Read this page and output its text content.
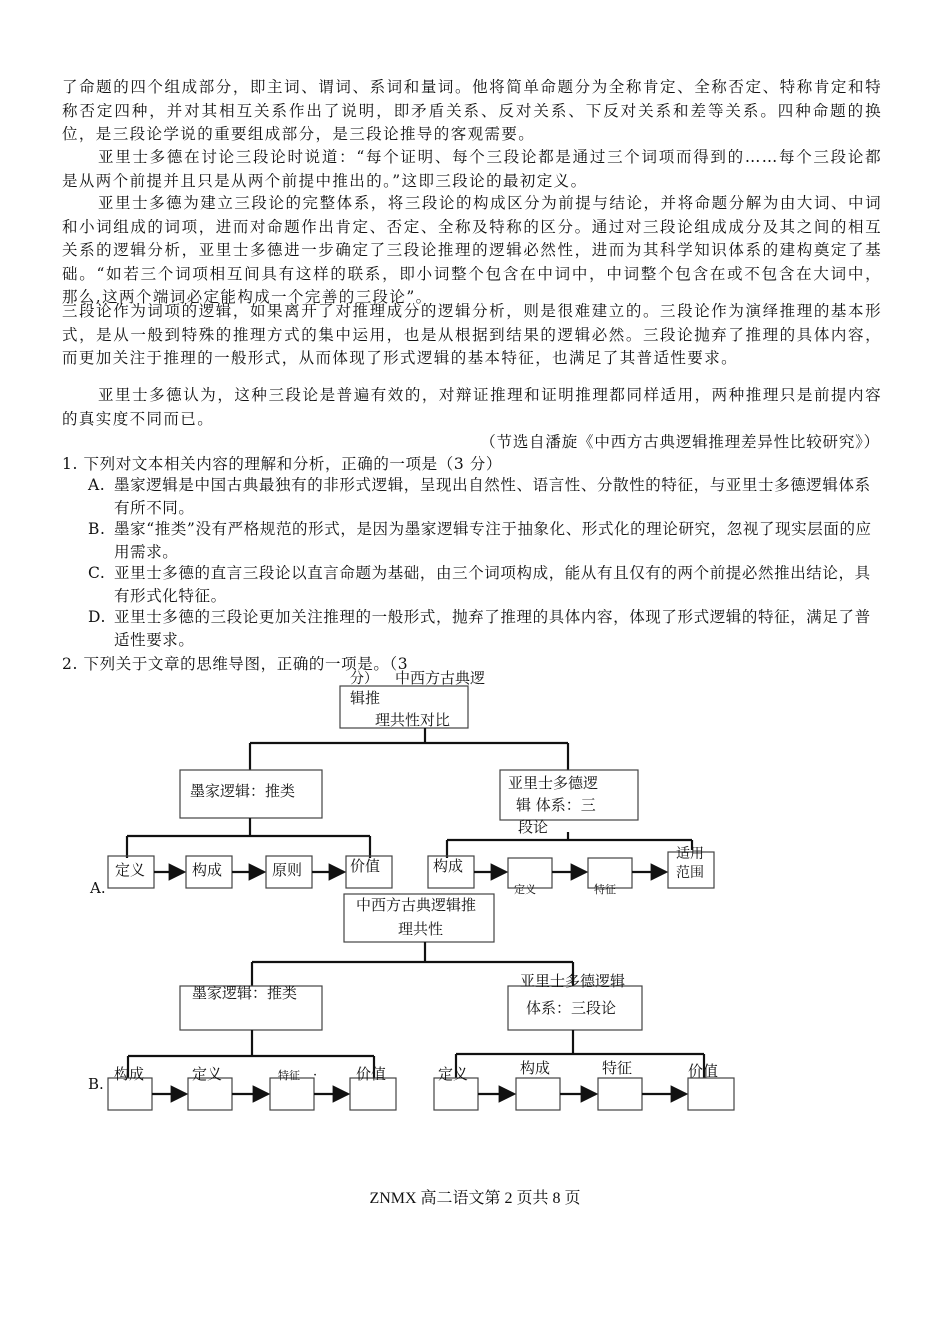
了命题的四个组成部分，即主词、谓词、系词和量词。他将简单命题分为全称肯定、全称否定、特称肯定和特称否定四种，并对其相互关系作出了说明，即矛盾关系、反对关系、下反对关系和差等关系。四种命题的换位，是三段论学说的重要组成部分，是三段论推导的客观需要。
亚里士多德在讨论三段论时说道：“每个证明、每个三段论都是通过三个词项而得到的……每个三段论都是从两个前提并且只是从两个前提中推出的。”这即三段论的最初定义。
亚里士多德为建立三段论的完整体系，将三段论的构成区分为前提与结论，并将命题分解为由大词、中词和小词组成的词项，进而对命题作出肯定、否定、全称及特称的区分。通过对三段论组成成分及其之间的相互关系的逻辑分析，亚里士多德进一步确定了三段论推理的逻辑必然性，进而为其科学知识体系的建构奠定了基础。“如若三个词项相互间具有这样的联系，即小词整个包含在中词中，中词整个包含在或不包含在大词中，那么,这两个端词必定能构成一个完善的三段论”。
三段论作为词项的逻辑，如果离开了对推理成分的逻辑分析，则是很难建立的。三段论作为演绎推理的基本形式，是从一般到特殊的推理方式的集中运用，也是从根据到结果的逻辑必然。三段论抛弃了推理的具体内容，而更加关注于推理的一般形式，从而体现了形式逻辑的基本特征，也满足了其普适性要求。
亚里士多德认为，这种三段论是普遍有效的，对辩证推理和证明推理都同样适用，两种推理只是前提内容的真实度不同而已。
（节选自潘旋《中西方古典逻辑推理差异性比较研究》）
1. 下列对文本相关内容的理解和分析，正确的一项是（3 分）
A. 墨家逻辑是中国古典最独有的非形式逻辑，呈现出自然性、语言性、分散性的特征，与亚里士多德逻辑体系有所不同。
B. 墨家“推类”没有严格规范的形式，是因为墨家逻辑专注于抽象化、形式化的理论研究，忽视了现实层面的应用需求。
C. 亚里士多德的直言三段论以直言命题为基础，由三个词项构成，能从有且仅有的两个前提必然推出结论，具有形式化特征。
D. 亚里士多德的三段论更加关注推理的一般形式，抛弃了推理的具体内容，体现了形式逻辑的特征，满足了普适性要求。
2. 下列关于文章的思维导图，正确的一项是。（3
分） 中西方古典逻
辑推
理共性对比
墨家逻辑：推类	亚里士多德逻
辑 体系：三
段论
定义	构成	原则	价值	构成
定义	特征
适用
范围
A.
中西方古典逻辑推
理共性
墨家逻辑：推类
亚里士多德逻辑
体系：三段论
构成	定义	特征 ·	价值	定义	构成	特征	价值
B.
ZNMX 高二语文第 2 页共 8 页
